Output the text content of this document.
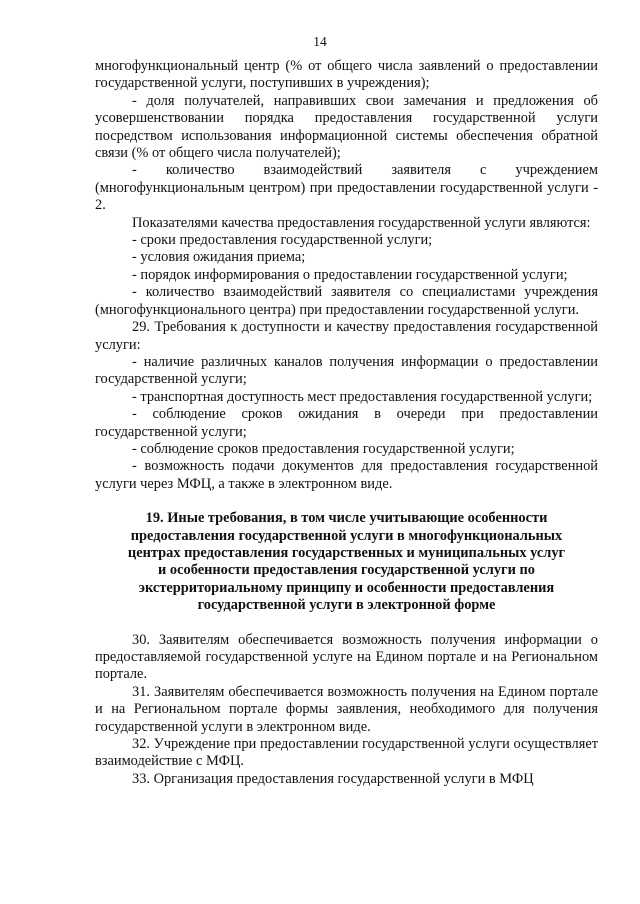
14

многофункциональный центр (% от общего числа заявлений о предоставлении государственной услуги, поступивших в учреждения);

- доля получателей, направивших свои замечания и предложения об усовершенствовании порядка предоставления государственной услуги посредством использования информационной системы обеспечения обратной связи (% от общего числа получателей);

- количество взаимодействий заявителя с учреждением (многофункциональным центром) при предоставлении государственной услуги - 2.

Показателями качества предоставления государственной услуги являются:

- сроки предоставления государственной услуги;

- условия ожидания приема;

- порядок информирования о предоставлении государственной услуги;

- количество взаимодействий заявителя со специалистами учреждения (многофункционального центра) при предоставлении государственной услуги.

29. Требования к доступности и качеству предоставления государственной услуги:

- наличие различных каналов получения информации о предоставлении государственной услуги;

- транспортная доступность мест предоставления государственной услуги;

- соблюдение сроков ожидания в очереди при предоставлении государственной услуги;

- соблюдение сроков предоставления государственной услуги;

- возможность подачи документов для предоставления государственной услуги через МФЦ, а также в электронном виде.

19. Иные требования, в том числе учитывающие особенности
предоставления государственной услуги в многофункциональных
центрах предоставления государственных и муниципальных услуг
и особенности предоставления государственной услуги по
экстерриториальному принципу и особенности предоставления
государственной услуги в электронной форме

30. Заявителям обеспечивается возможность получения информации о предоставляемой государственной услуге на Едином портале и на Региональном портале.

31. Заявителям обеспечивается возможность получения на Едином портале и на Региональном портале формы заявления, необходимого для получения государственной услуги в электронном виде.

32. Учреждение при предоставлении государственной услуги осуществляет взаимодействие с МФЦ.

33. Организация предоставления государственной услуги в МФЦ
